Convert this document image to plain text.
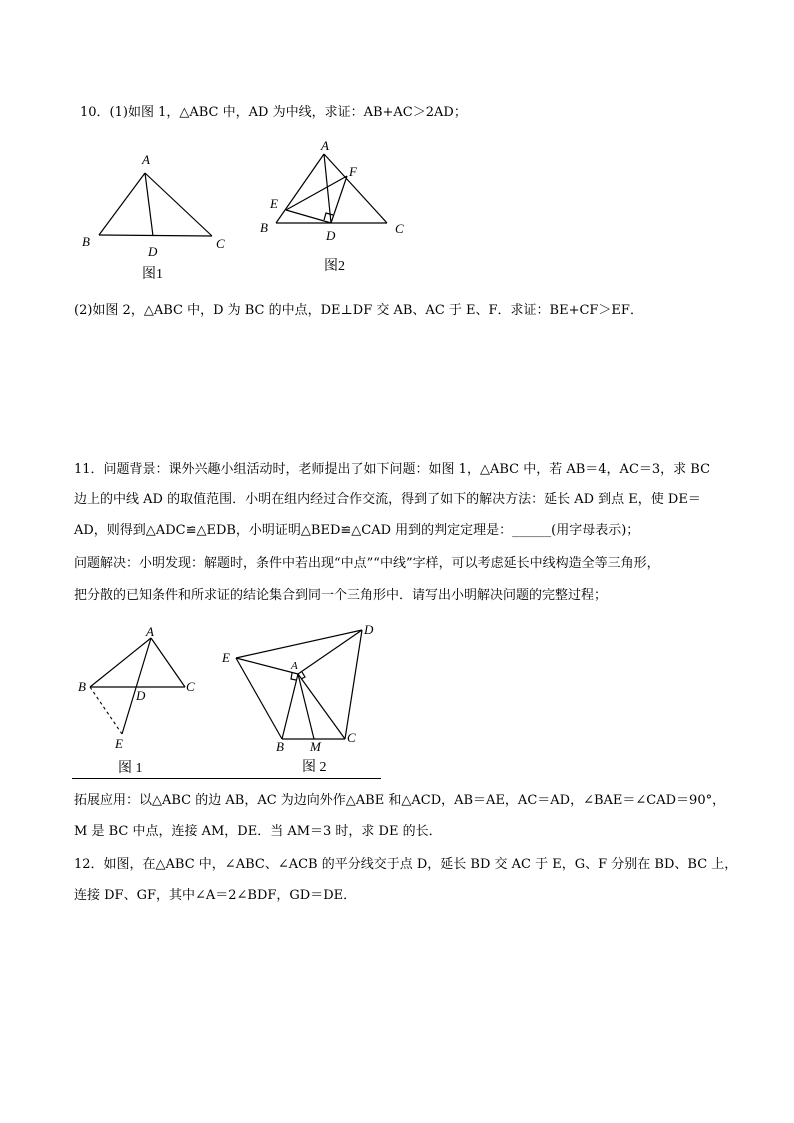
10．(1)如图 1，△ABC 中，AD 为中线，求证：AB+AC＞2AD；
A
B	C
D
图1
A
F
E
B
D	C
图2
(2)如图 2，△ABC 中，D 为 BC 的中点，DE⊥DF 交 AB、AC 于 E、F．求证：BE+CF＞EF．
11．问题背景：课外兴趣小组活动时，老师提出了如下问题：如图 1，△ABC 中，若 AB＝4，AC＝3，求 BC
边上的中线 AD 的取值范围．小明在组内经过合作交流，得到了如下的解决方法：延长 AD 到点 E，使 DE＝
AD，则得到△ADC≌△EDB，小明证明△BED≌△CAD 用到的判定定理是：______(用字母表示)；
问题解决：小明发现：解题时，条件中若出现“中点”“中线”字样，可以考虑延长中线构造全等三角形，
把分散的已知条件和所求证的结论集合到同一个三角形中．请写出小明解决问题的完整过程；
A
B	C
D
E
图 1
D
E
A
B M
C
图 2
拓展应用：以△ABC 的边 AB，AC 为边向外作△ABE 和△ACD，AB＝AE，AC＝AD，∠BAE＝∠CAD＝90°，
M 是 BC 中点，连接 AM，DE．当 AM＝3 时，求 DE 的长．
12．如图，在△ABC 中，∠ABC、∠ACB 的平分线交于点 D，延长 BD 交 AC 于 E，G、F 分别在 BD、BC 上，
连接 DF、GF，其中∠A＝2∠BDF，GD＝DE．
